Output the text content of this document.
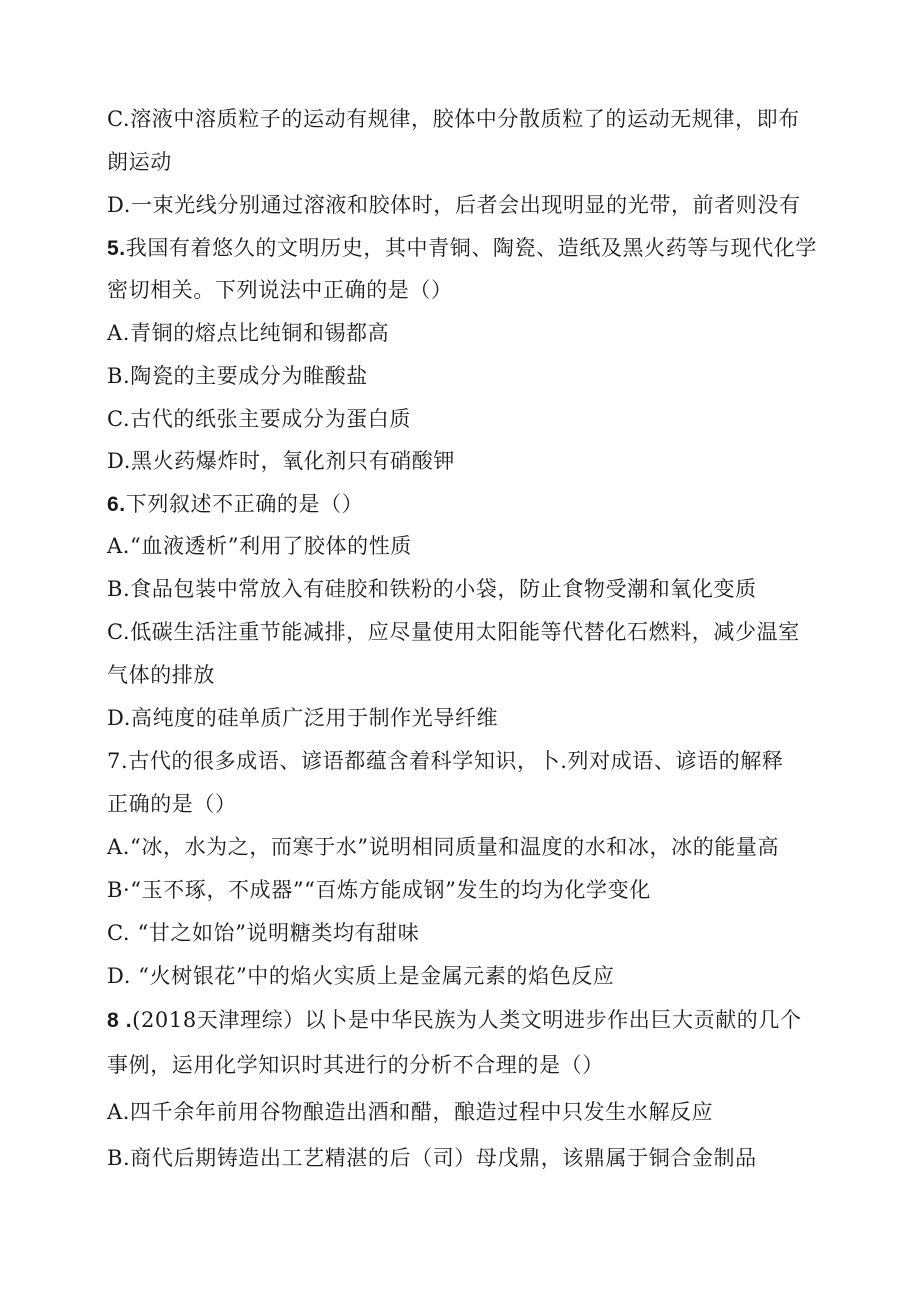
C.溶液中溶质粒子的运动有规律，胶体中分散质粒了的运动无规律，即布
朗运动
D.一束光线分别通过溶液和胶体时，后者会出现明显的光带，前者则没有
5.我国有着悠久的文明历史，其中青铜、陶瓷、造纸及黑火药等与现代化学
密切相关。下列说法中正确的是（）
A.青铜的熔点比纯铜和锡都高
B.陶瓷的主要成分为睢酸盐
C.古代的纸张主要成分为蛋白质
D.黑火药爆炸时，氧化剂只有硝酸钾
6.下列叙述不正确的是（）
A.“血液透析”利用了胶体的性质
B.食品包装中常放入有硅胶和铁粉的小袋，防止食物受潮和氧化变质
C.低碳生活注重节能减排，应尽量使用太阳能等代替化石燃料，减少温室
气体的排放
D.高纯度的硅单质广泛用于制作光导纤维
7.古代的很多成语、谚语都蕴含着科学知识，卜.列对成语、谚语的解释
正确的是（）
A.“冰，水为之，而寒于水”说明相同质量和温度的水和冰，冰的能量高
B·“玉不琢，不成器”“百炼方能成钢”发生的均为化学变化
C. “甘之如饴”说明糖类均有甜味
D. “火树银花”中的焰火实质上是金属元素的焰色反应
8 .(2018天津理综）以卜是中华民族为人类文明进步作出巨大贡献的几个
事例，运用化学知识时其进行的分析不合理的是（）
A.四千余年前用谷物酿造出酒和醋，酿造过程中只发生水解反应
B.商代后期铸造出工艺精湛的后（司）母戊鼎，该鼎属于铜合金制品
